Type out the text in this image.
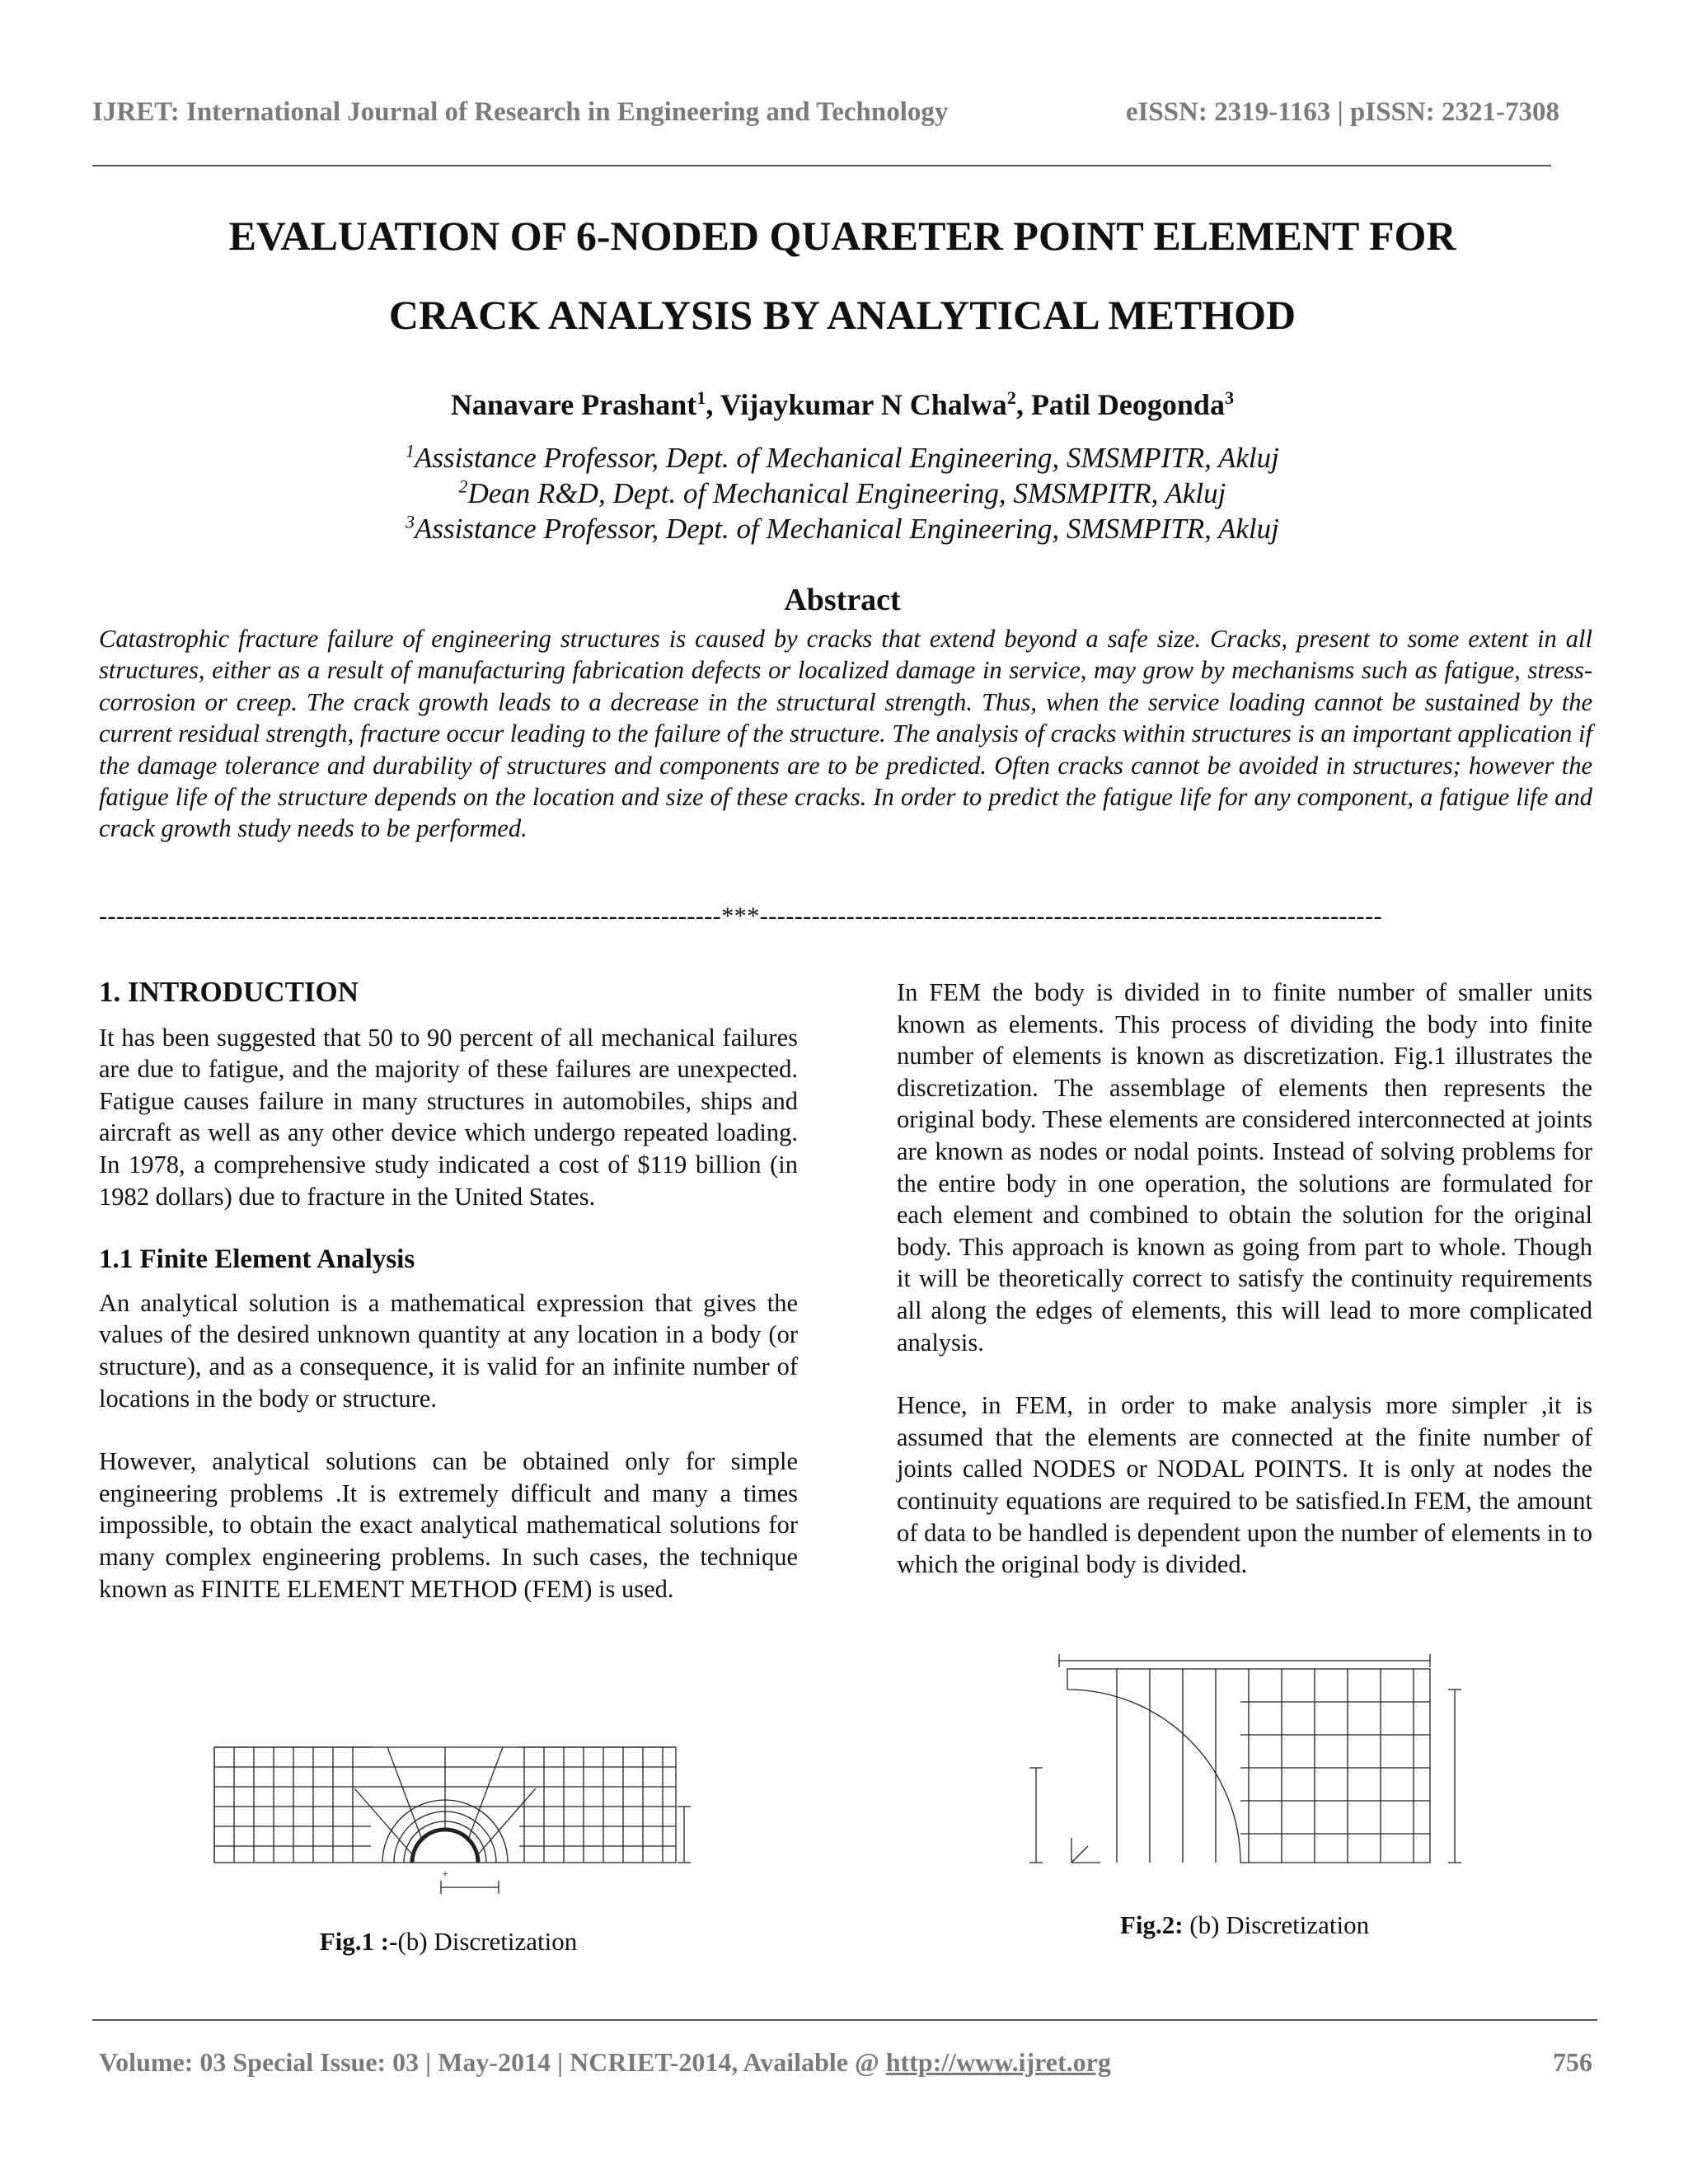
IJRET: International Journal of Research in Engineering and Technology	eISSN: 2319-1163 | pISSN: 2321-7308
EVALUATION OF 6-NODED QUARETER POINT ELEMENT FOR
CRACK ANALYSIS BY ANALYTICAL METHOD
Nanavare Prashant$^1$, Vijaykumar N Chalwa$^2$, Patil Deogonda$^3$
$^1$Assistance Professor, Dept. of Mechanical Engineering, SMSMPITR, Akluj
$^2$Dean R&D, Dept. of Mechanical Engineering, SMSMPITR, Akluj
$^3$Assistance Professor, Dept. of Mechanical Engineering, SMSMPITR, Akluj
Abstract
Catastrophic fracture failure of engineering structures is caused by cracks that extend beyond a safe size. Cracks, present to some extent in all structures, either as a result of manufacturing fabrication defects or localized damage in service, may grow by mechanisms such as fatigue, stress-corrosion or creep. The crack growth leads to a decrease in the structural strength. Thus, when the service loading cannot be sustained by the current residual strength, fracture occur leading to the failure of the structure. The analysis of cracks within structures is an important application if the damage tolerance and durability of structures and components are to be predicted. Often cracks cannot be avoided in structures; however the fatigue life of the structure depends on the location and size of these cracks. In order to predict the fatigue life for any component, a fatigue life and crack growth study needs to be performed.
------------------------------------------------------------------------***------------------------------------------------------------------------
1. INTRODUCTION

It has been suggested that 50 to 90 percent of all mechanical failures are due to fatigue, and the majority of these failures are unexpected. Fatigue causes failure in many structures in automobiles, ships and aircraft as well as any other device which undergo repeated loading. In 1978, a comprehensive study indicated a cost of $119 billion (in 1982 dollars) due to fracture in the United States.

1.1 Finite Element Analysis

An analytical solution is a mathematical expression that gives the values of the desired unknown quantity at any location in a body (or structure), and as a consequence, it is valid for an infinite number of locations in the body or structure.

However, analytical solutions can be obtained only for simple engineering problems .It is extremely difficult and many a times impossible, to obtain the exact analytical mathematical solutions for many complex engineering problems. In such cases, the technique known as FINITE ELEMENT METHOD (FEM) is used.

In FEM the body is divided in to finite number of smaller units known as elements. This process of dividing the body into finite number of elements is known as discretization. Fig.1 illustrates the discretization. The assemblage of elements then represents the original body. These elements are considered interconnected at joints are known as nodes or nodal points. Instead of solving problems for the entire body in one operation, the solutions are formulated for each element and combined to obtain the solution for the original body. This approach is known as going from part to whole. Though it will be theoretically correct to satisfy the continuity requirements all along the edges of elements, this will lead to more complicated analysis.

Hence, in FEM, in order to make analysis more simpler ,it is assumed that the elements are connected at the finite number of joints called NODES or NODAL POINTS. It is only at nodes the continuity equations are required to be satisfied.In FEM, the amount of data to be handled is dependent upon the number of elements in to which the original body is divided.

+
Fig.1 :-(b) Discretization
Fig.2: (b) Discretization
Volume: 03 Special Issue: 03 | May-2014 | NCRIET-2014, Available @ http://www.ijret.org	756
